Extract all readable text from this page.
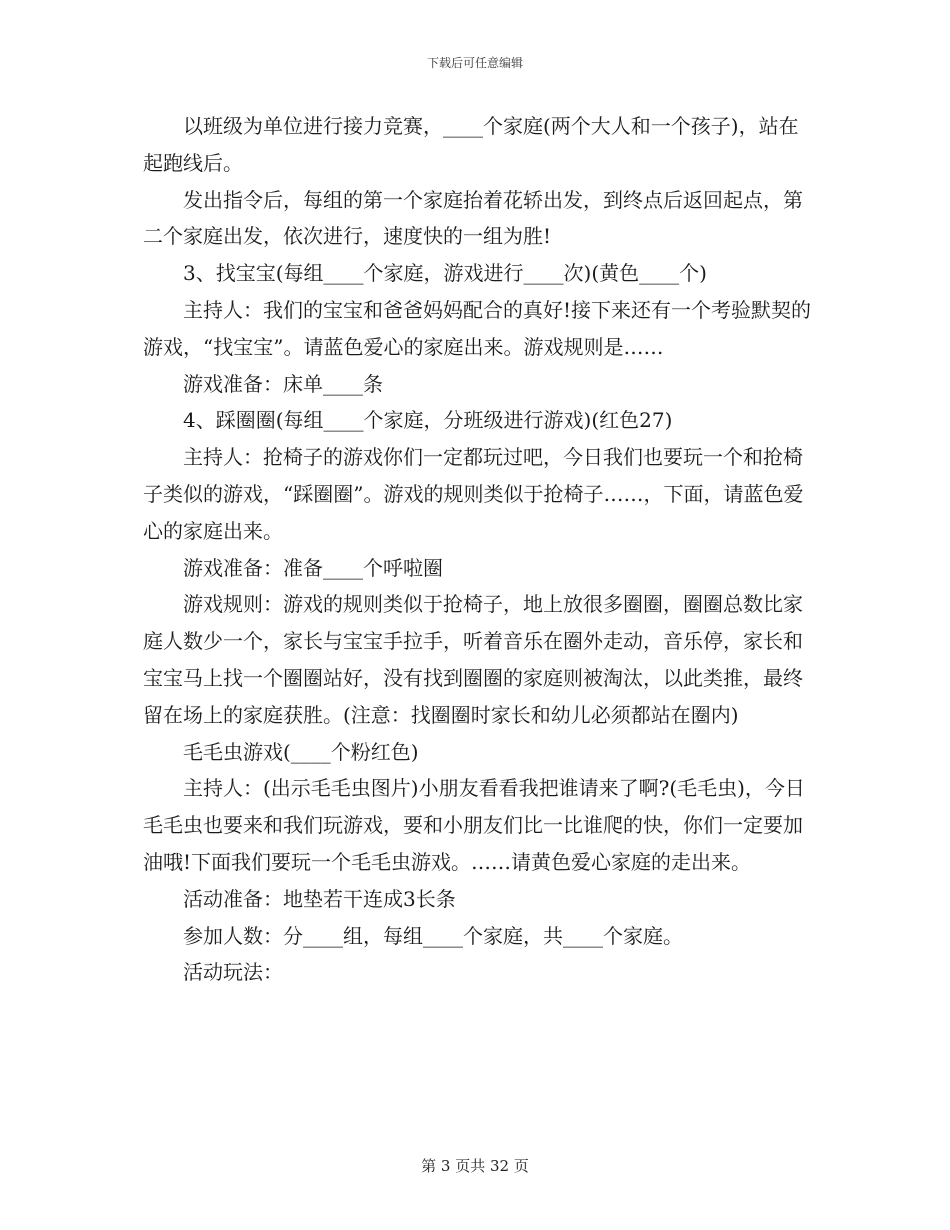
下载后可任意编辑

以班级为单位进行接力竞赛，____个家庭(两个大人和一个孩子)，站在起跑线后。

发出指令后，每组的第一个家庭抬着花轿出发，到终点后返回起点，第二个家庭出发，依次进行，速度快的一组为胜!

3、找宝宝(每组____个家庭，游戏进行____次)(黄色____个)

主持人：我们的宝宝和爸爸妈妈配合的真好!接下来还有一个考验默契的游戏，“找宝宝”。请蓝色爱心的家庭出来。游戏规则是……

游戏准备：床单____条

4、踩圈圈(每组____个家庭，分班级进行游戏)(红色27)

主持人：抢椅子的游戏你们一定都玩过吧，今日我们也要玩一个和抢椅子类似的游戏，“踩圈圈”。游戏的规则类似于抢椅子……，下面，请蓝色爱心的家庭出来。

游戏准备：准备____个呼啦圈

游戏规则：游戏的规则类似于抢椅子，地上放很多圈圈，圈圈总数比家庭人数少一个，家长与宝宝手拉手，听着音乐在圈外走动，音乐停，家长和宝宝马上找一个圈圈站好，没有找到圈圈的家庭则被淘汰，以此类推，最终留在场上的家庭获胜。(注意：找圈圈时家长和幼儿必须都站在圈内)

毛毛虫游戏(____个粉红色)

主持人：(出示毛毛虫图片)小朋友看看我把谁请来了啊?(毛毛虫)，今日毛毛虫也要来和我们玩游戏，要和小朋友们比一比谁爬的快，你们一定要加油哦!下面我们要玩一个毛毛虫游戏。……请黄色爱心家庭的走出来。

活动准备：地垫若干连成3长条

参加人数：分____组，每组____个家庭，共____个家庭。

活动玩法：

第 3 页共 32 页
